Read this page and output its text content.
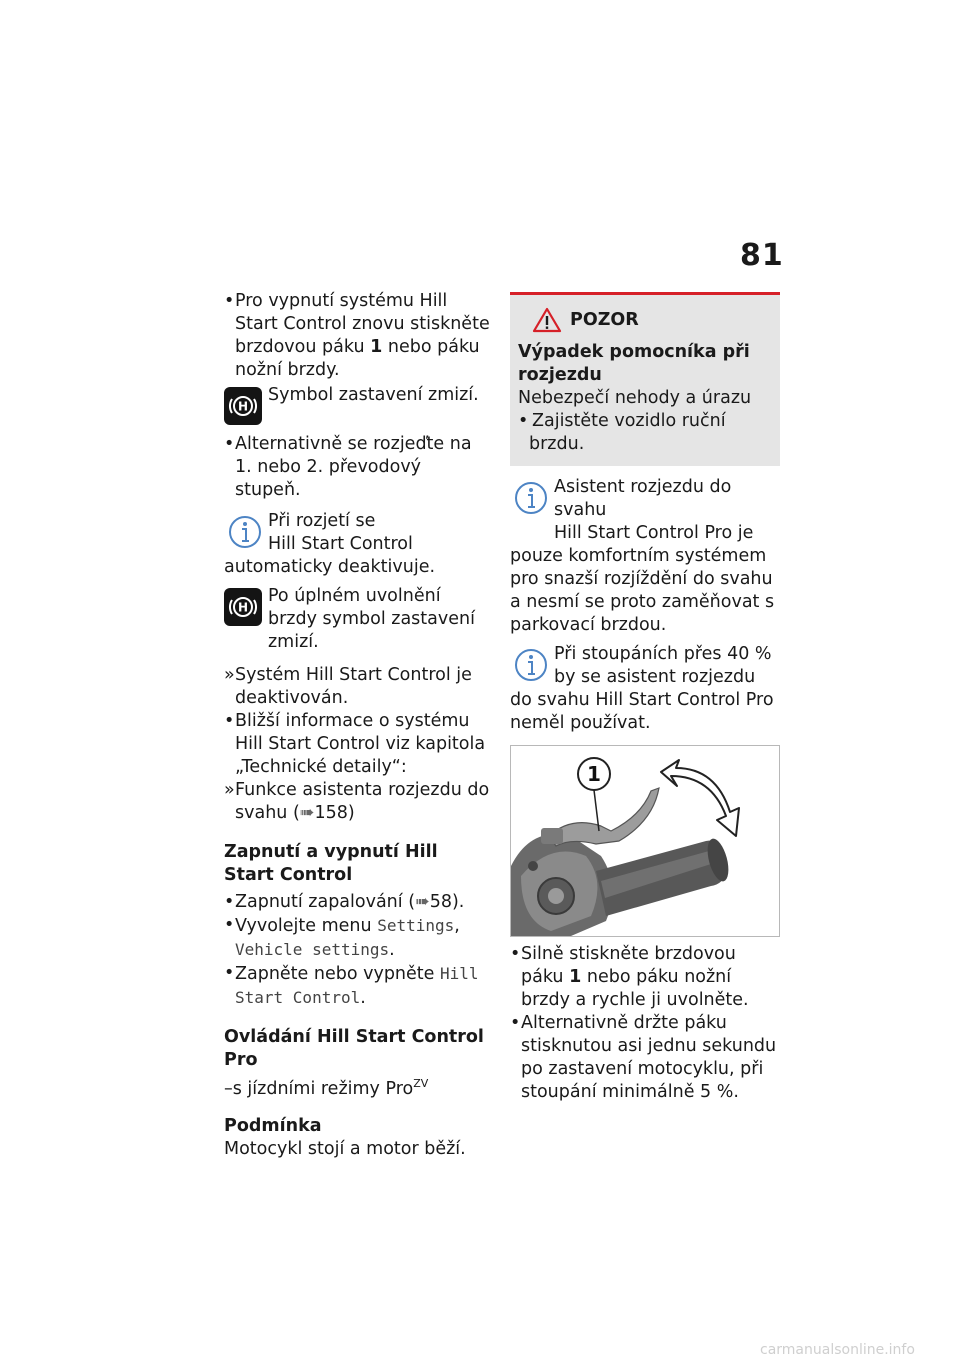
81

• Pro vypnutí systému Hill Start Control znovu stiskněte brzdovou páku 1 nebo páku nožní brzdy.

H
Symbol zastavení zmizí.

• Alternativně se rozjeďte na 1. nebo 2. převodový stupeň.

Při rozjetí se
Hill Start Control
automaticky deaktivuje.
H
Po úplném uvolnění brzdy symbol zastavení zmizí.

» Systém Hill Start Control je deaktivován.

• Bližší informace o systému Hill Start Control viz kapitola „Technické detaily“:

» Funkce asistenta rozjezdu do svahu (➠158)

Zapnutí a vypnutí Hill Start Control

• Zapnutí zapalování (➠58).

• Vyvolejte menu Settings, Vehicle settings.

• Zapněte nebo vypněte Hill Start Control.

Ovládání Hill Start Control Pro

–s jízdními režimy Pro$^{ZV}$

Podmínka

Motocykl stojí a motor běží.

POZOR

Výpadek pomocníka při rozjezdu

Nebezpečí nehody a úrazu

• Zajistěte vozidlo ruční brzdu.

Asistent rozjezdu do svahu
Hill Start Control Pro je
pouze komfortním systémem pro snazší rozjíždění do svahu a nesmí se proto zaměňovat s parkovací brzdou.
Při stoupáních přes 40 %
by se asistent rozjezdu
do svahu Hill Start Control Pro neměl používat.
1

• Silně stiskněte brzdovou páku 1 nebo páku nožní brzdy a rychle ji uvolněte.

• Alternativně držte páku stisknutou asi jednu sekundu po zastavení motocyklu, při stoupání minimálně 5 %.

carmanualsonline.info
